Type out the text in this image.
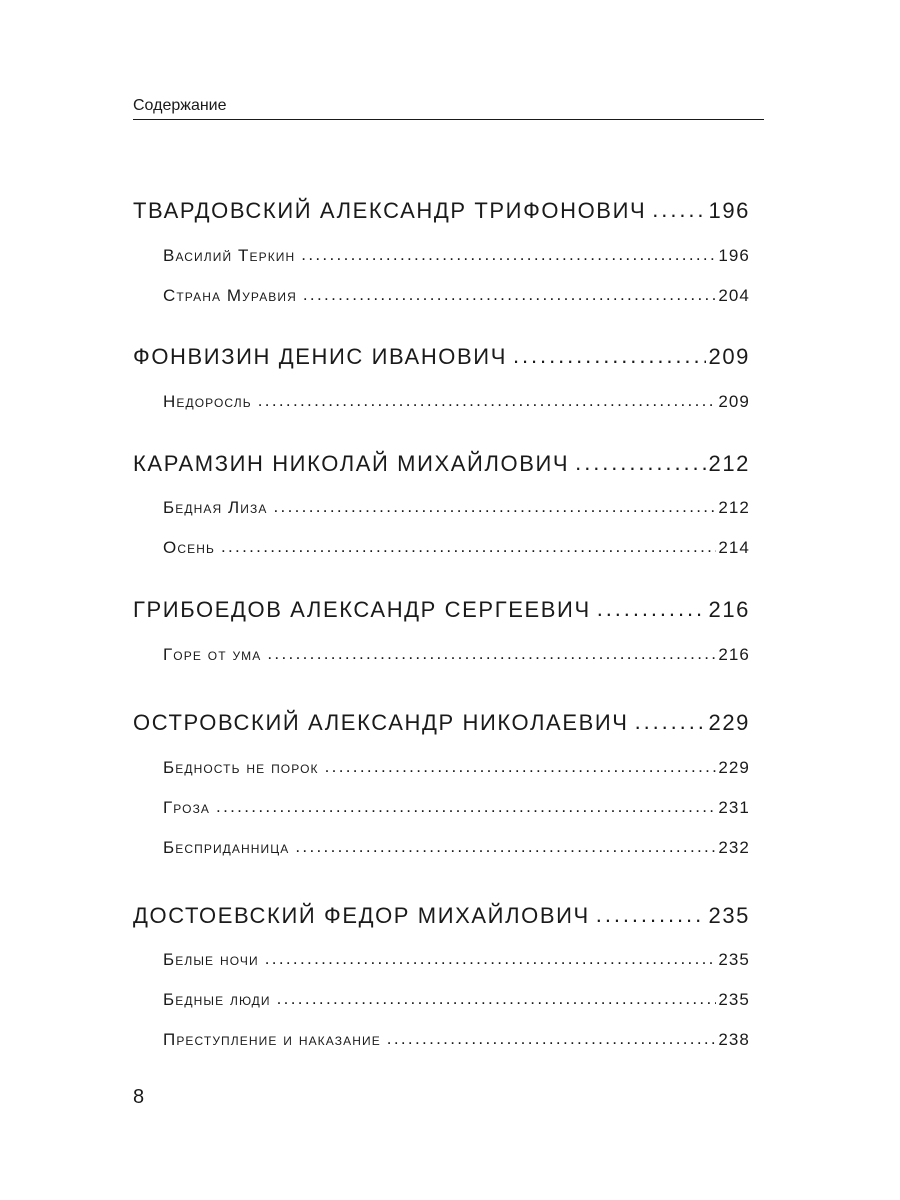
Содержание
ТВАРДОВСКИЙ АЛЕКСАНДР ТРИФОНОВИЧ . . .	196
Василий Теркин . . .	196
Страна Муравия . . .	204
ФОНВИЗИН ДЕНИС ИВАНОВИЧ . . .	209
Недоросль . . .	209
КАРАМЗИН НИКОЛАЙ МИХАЙЛОВИЧ . . .	212
Бедная Лиза . . .	212
Осень . . .	214
ГРИБОЕДОВ АЛЕКСАНДР СЕРГЕЕВИЧ . . .	216
Горе от ума . . .	216
ОСТРОВСКИЙ АЛЕКСАНДР НИКОЛАЕВИЧ . . .	229
Бедность не порок . . .	229
Гроза . . .	231
Бесприданница . . .	232
ДОСТОЕВСКИЙ ФЕДОР МИХАЙЛОВИЧ . . .	235
Белые ночи . . .	235
Бедные люди . . .	235
Преступление и наказание . . .	238
8
